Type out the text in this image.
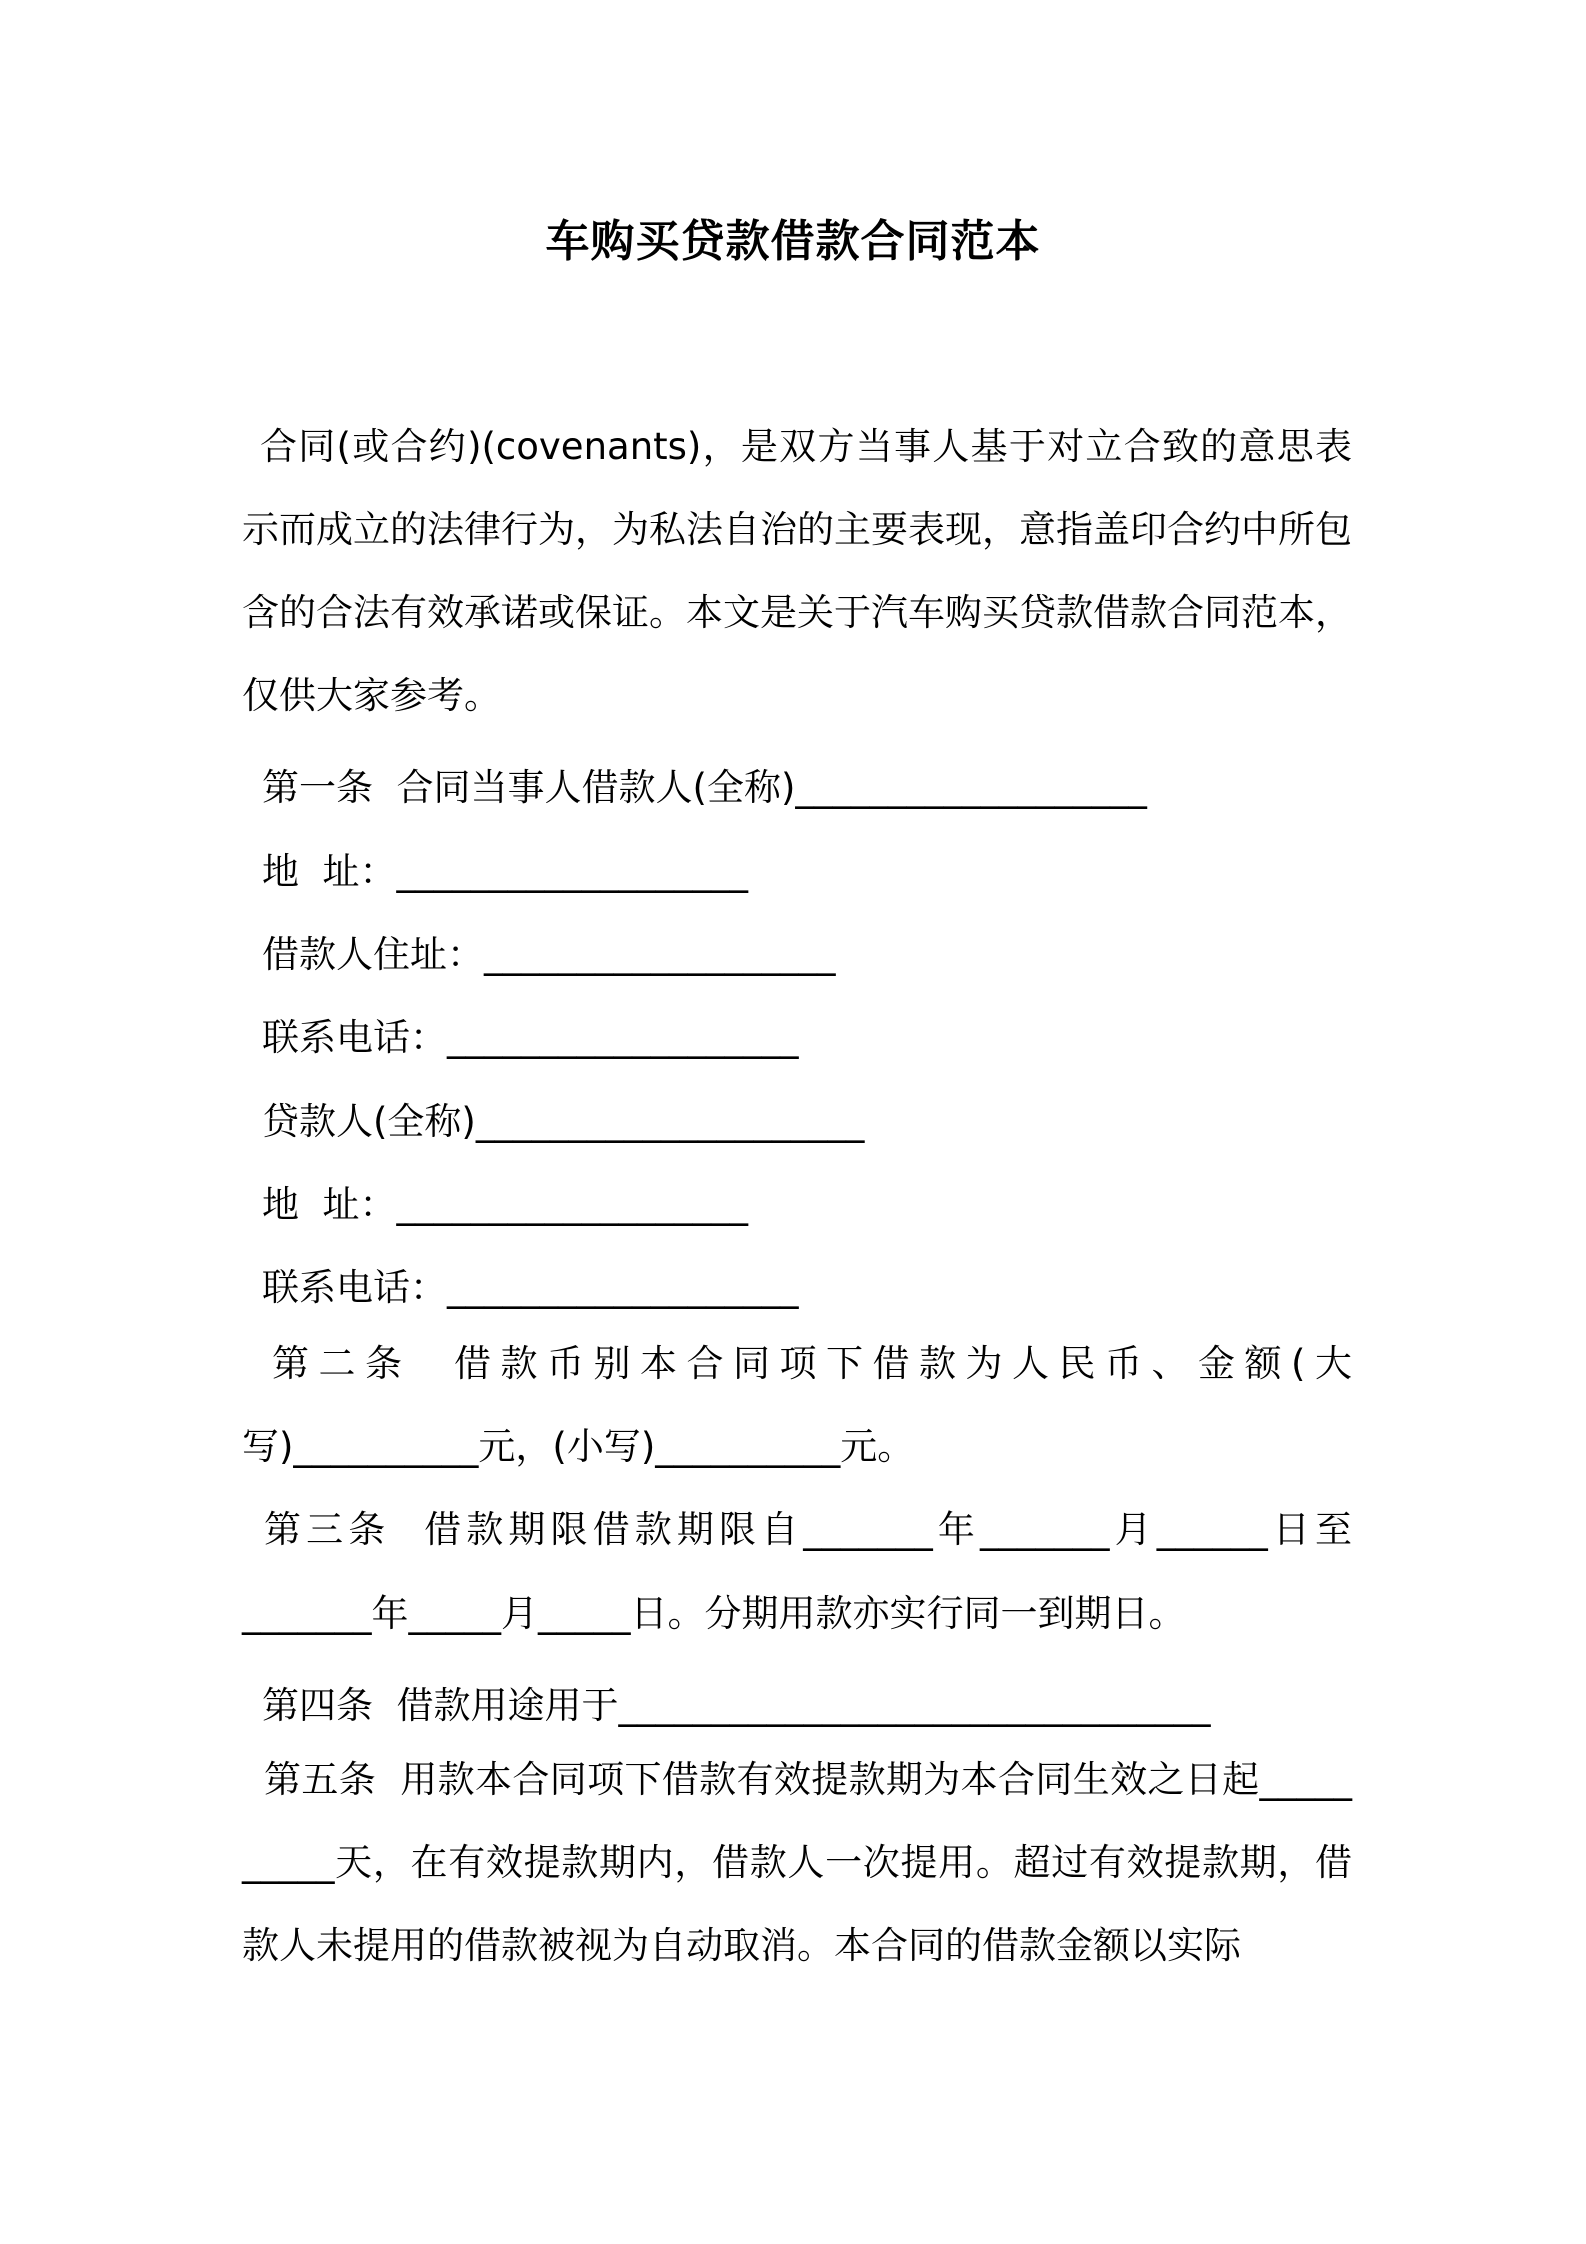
车购买贷款借款合同范本

合同(或合约)(covenants)，是双方当事人基于对立合致的意思表示而成立的法律行为，为私法自治的主要表现，意指盖印合约中所包含的合法有效承诺或保证。本文是关于汽车购买贷款借款合同范本，仅供大家参考。

第一条  合同当事人借款人(全称)___________________

地  址：___________________

借款人住址：___________________

联系电话：___________________

贷款人(全称)_____________________

地  址：___________________

联系电话：___________________

第二条  借款币别本合同项下借款为人民币、金额(大
写)__________元，(小写)__________元。
第三条  借款期限借款期限自_______年_______月______日至
_______年_____月_____日。分期用款亦实行同一到期日。

第四条  借款用途用于________________________________

第五条  用款本合同项下借款有效提款期为本合同生效之日起__________天，在有效提款期内，借款人一次提用。超过有效提款期，借款人未提用的借款被视为自动取消。本合同的借款金额以实际
